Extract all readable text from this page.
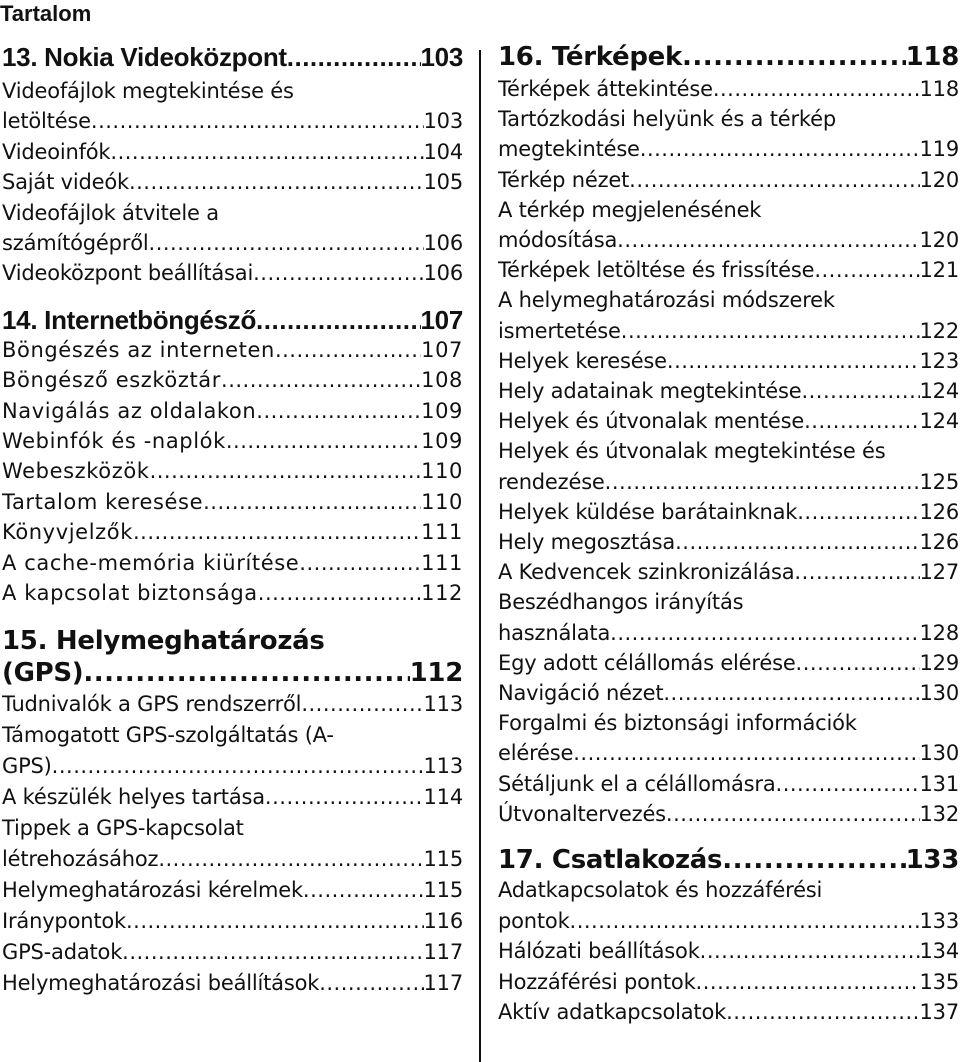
Tartalom
13. Nokia Videoközpont .....	103
Videofájlok megtekintése és
letöltése .....	103
Videoinfók .....	104
Saját videók .....	105
Videofájlok átvitele a
számítógépről .....	106
Videoközpont beállításai .....	106
14. Internetböngésző .....	107
Böngészés az interneten .....	107
Böngésző eszköztár .....	108
Navigálás az oldalakon .....	109
Webinfók és -naplók .....	109
Webeszközök .....	110
Tartalom keresése .....	110
Könyvjelzők .....	111
A cache-memória kiürítése .....	111
A kapcsolat biztonsága .....	112
15. Helymeghatározás
(GPS) .....	112
Tudnivalók a GPS rendszerről .....	113
Támogatott GPS-szolgáltatás (A-
GPS) .....	113
A készülék helyes tartása .....	114
Tippek a GPS-kapcsolat
létrehozásához .....	115
Helymeghatározási kérelmek .....	115
Iránypontok .....	116
GPS-adatok .....	117
Helymeghatározási beállítások .....	117
16. Térképek .....	118
Térképek áttekintése .....	118
Tartózkodási helyünk és a térkép
megtekintése .....	119
Térkép nézet .....	120
A térkép megjelenésének
módosítása .....	120
Térképek letöltése és frissítése .....	121
A helymeghatározási módszerek
ismertetése .....	122
Helyek keresése .....	123
Hely adatainak megtekintése .....	124
Helyek és útvonalak mentése .....	124
Helyek és útvonalak megtekintése és
rendezése .....	125
Helyek küldése barátainknak .....	126
Hely megosztása .....	126
A Kedvencek szinkronizálása .....	127
Beszédhangos irányítás
használata .....	128
Egy adott célállomás elérése .....	129
Navigáció nézet .....	130
Forgalmi és biztonsági információk
elérése .....	130
Sétáljunk el a célállomásra .....	131
Útvonaltervezés .....	132
17. Csatlakozás .....	133
Adatkapcsolatok és hozzáférési
pontok .....	133
Hálózati beállítások .....	134
Hozzáférési pontok .....	135
Aktív adatkapcsolatok .....	137
